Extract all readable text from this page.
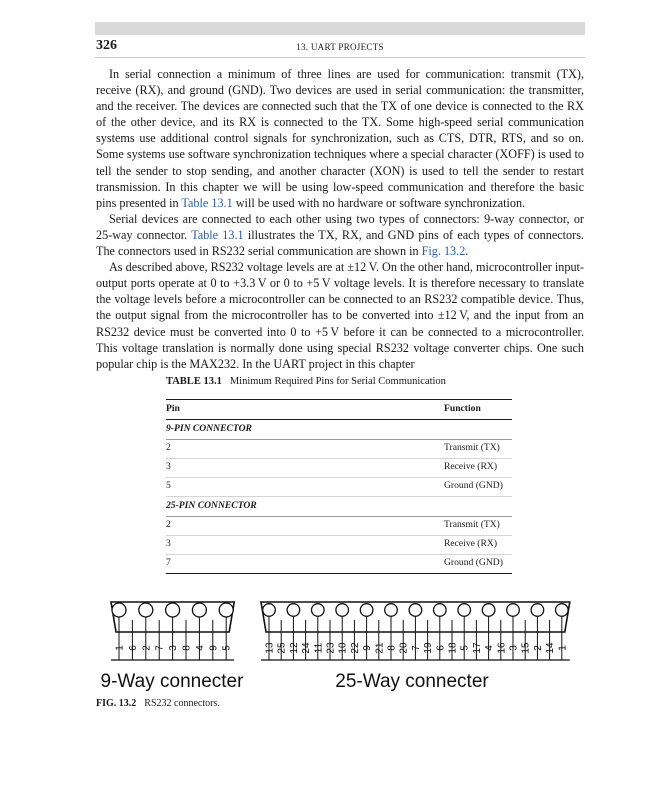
326	13. UART PROJECTS

In serial connection a minimum of three lines are used for communication: transmit (TX), receive (RX), and ground (GND). Two devices are used in serial communication: the transmitter, and the receiver. The devices are connected such that the TX of one device is connected to the RX of the other device, and its RX is connected to the TX. Some high-speed serial communication systems use additional control signals for synchronization, such as CTS, DTR, RTS, and so on. Some systems use software synchronization techniques where a special character (XOFF) is used to tell the sender to stop sending, and another character (XON) is used to tell the sender to restart transmission. In this chapter we will be using low-speed communication and therefore the basic pins presented in Table 13.1 will be used with no hardware or software synchronization.

Serial devices are connected to each other using two types of connectors: 9-way connector, or 25-way connector. Table 13.1 illustrates the TX, RX, and GND pins of each types of connectors. The connectors used in RS232 serial communication are shown in Fig. 13.2.

As described above, RS232 voltage levels are at ±12 V. On the other hand, microcontroller input-output ports operate at 0 to +3.3 V or 0 to +5 V voltage levels. It is therefore necessary to translate the voltage levels before a microcontroller can be connected to an RS232 compatible device. Thus, the output signal from the microcontroller has to be converted into ±12 V, and the input from an RS232 device must be converted into 0 to +5 V before it can be connected to a microcontroller. This voltage translation is normally done using special RS232 voltage converter chips. One such popular chip is the MAX232. In the UART project in this chapter

TABLE 13.1 Minimum Required Pins for Serial Communication
Pin	Function
9-PIN CONNECTOR	
2	Transmit (TX)
3	Receive (RX)
5	Ground (GND)
25-PIN CONNECTOR	
2	Transmit (TX)
3	Receive (RX)
7	Ground (GND)
1 6 2 7 3 8 4 9 5	13 25 12 24 11 23 10 22 9 21 8 20 7 19 6 18 5 17 4 16 3 15 2 14 1
9-Way connecter	25-Way connecter
FIG. 13.2 RS232 connectors.
